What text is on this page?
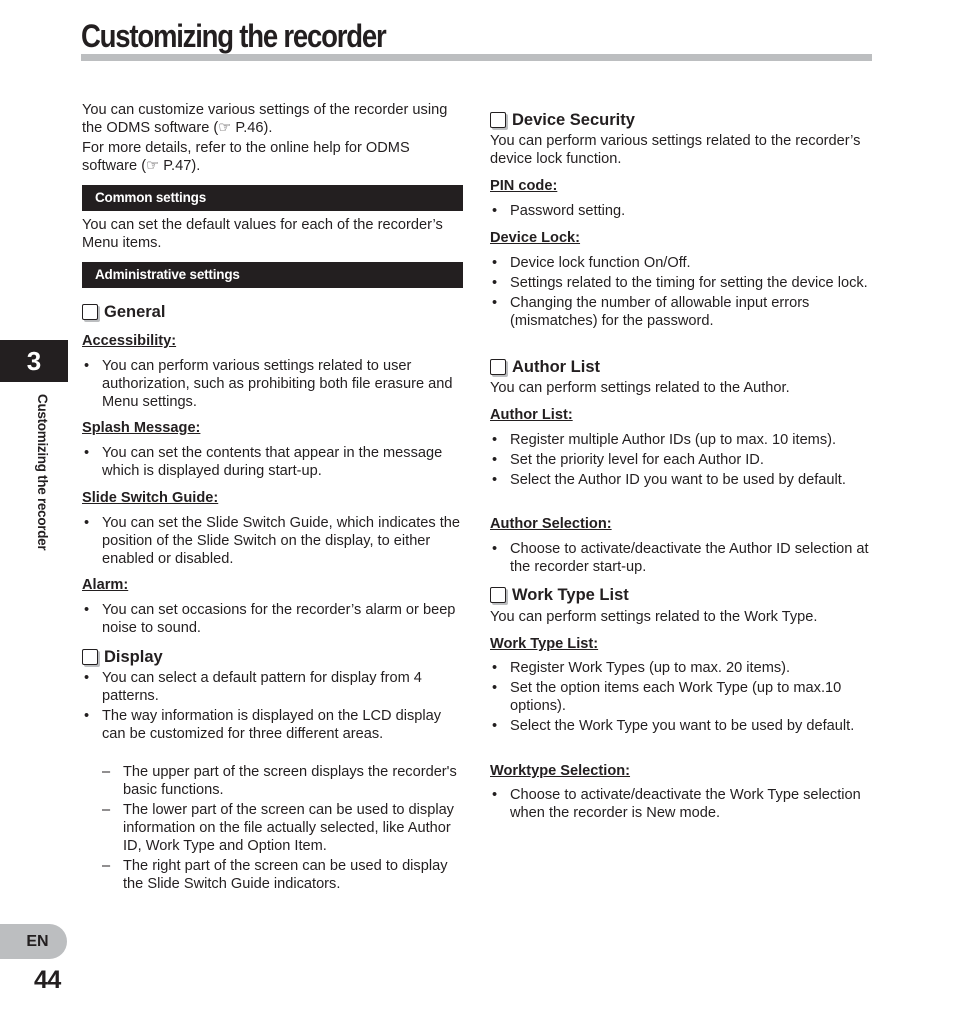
Customizing the recorder
3
Customizing the recorder
EN
44

You can customize various settings of the recorder using the ODMS software (☞ P.46).

For more details, refer to the online help for ODMS software (☞ P.47).

Common settings

You can set the default values for each of the recorder’s Menu items.

Administrative settings
General
Accessibility:
• You can perform various settings related to user authorization, such as prohibiting both file erasure and Menu settings.
Splash Message:
• You can set the contents that appear in the message which is displayed during start-up.
Slide Switch Guide:
• You can set the Slide Switch Guide, which indicates the position of the Slide Switch on the display, to either enabled or disabled.
Alarm:
• You can set occasions for the recorder’s alarm or beep noise to sound.
Display
• You can select a default pattern for display from 4 patterns.
• The way information is displayed on the LCD display can be customized for three different areas.
– The upper part of the screen displays the recorder's basic functions.
– The lower part of the screen can be used to display information on the file actually selected, like Author ID, Work Type and Option Item.
– The right part of the screen can be used to display the Slide Switch Guide indicators.
Device Security

You can perform various settings related to the recorder’s device lock function.

PIN code:
• Password setting.
Device Lock:
• Device lock function On/Off.
• Settings related to the timing for setting the device lock.
• Changing the number of allowable input errors (mismatches) for the password.
Author List

You can perform settings related to the Author.

Author List:
• Register multiple Author IDs (up to max. 10 items).
• Set the priority level for each Author ID.
• Select the Author ID you want to be used by default.
Author Selection:
• Choose to activate/deactivate the Author ID selection at the recorder start-up.
Work Type List

You can perform settings related to the Work Type.

Work Type List:
• Register Work Types (up to max. 20 items).
• Set the option items each Work Type (up to max.10 options).
• Select the Work Type you want to be used by default.
Worktype Selection:
• Choose to activate/deactivate the Work Type selection when the recorder is New mode.
